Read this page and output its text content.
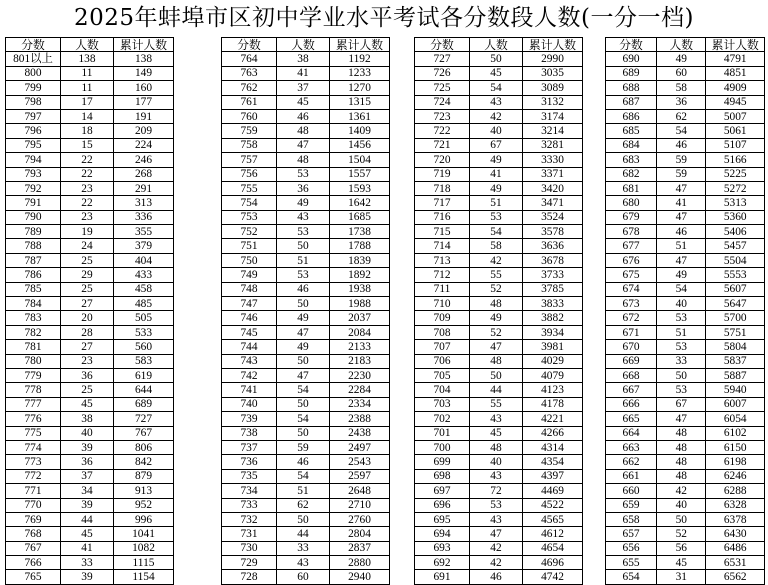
2025年蚌埠市区初中学业水平考试各分数段人数(一分一档)
分数	人数	累计人数
801以上	138	138
800	11	149
799	11	160
798	17	177
797	14	191
796	18	209
795	15	224
794	22	246
793	22	268
792	23	291
791	22	313
790	23	336
789	19	355
788	24	379
787	25	404
786	29	433
785	25	458
784	27	485
783	20	505
782	28	533
781	27	560
780	23	583
779	36	619
778	25	644
777	45	689
776	38	727
775	40	767
774	39	806
773	36	842
772	37	879
771	34	913
770	39	952
769	44	996
768	45	1041
767	41	1082
766	33	1115
765	39	1154
分数	人数	累计人数
764	38	1192
763	41	1233
762	37	1270
761	45	1315
760	46	1361
759	48	1409
758	47	1456
757	48	1504
756	53	1557
755	36	1593
754	49	1642
753	43	1685
752	53	1738
751	50	1788
750	51	1839
749	53	1892
748	46	1938
747	50	1988
746	49	2037
745	47	2084
744	49	2133
743	50	2183
742	47	2230
741	54	2284
740	50	2334
739	54	2388
738	50	2438
737	59	2497
736	46	2543
735	54	2597
734	51	2648
733	62	2710
732	50	2760
731	44	2804
730	33	2837
729	43	2880
728	60	2940
分数	人数	累计人数
727	50	2990
726	45	3035
725	54	3089
724	43	3132
723	42	3174
722	40	3214
721	67	3281
720	49	3330
719	41	3371
718	49	3420
717	51	3471
716	53	3524
715	54	3578
714	58	3636
713	42	3678
712	55	3733
711	52	3785
710	48	3833
709	49	3882
708	52	3934
707	47	3981
706	48	4029
705	50	4079
704	44	4123
703	55	4178
702	43	4221
701	45	4266
700	48	4314
699	40	4354
698	43	4397
697	72	4469
696	53	4522
695	43	4565
694	47	4612
693	42	4654
692	42	4696
691	46	4742
分数	人数	累计人数
690	49	4791
689	60	4851
688	58	4909
687	36	4945
686	62	5007
685	54	5061
684	46	5107
683	59	5166
682	59	5225
681	47	5272
680	41	5313
679	47	5360
678	46	5406
677	51	5457
676	47	5504
675	49	5553
674	54	5607
673	40	5647
672	53	5700
671	51	5751
670	53	5804
669	33	5837
668	50	5887
667	53	5940
666	67	6007
665	47	6054
664	48	6102
663	48	6150
662	48	6198
661	48	6246
660	42	6288
659	40	6328
658	50	6378
657	52	6430
656	56	6486
655	45	6531
654	31	6562
